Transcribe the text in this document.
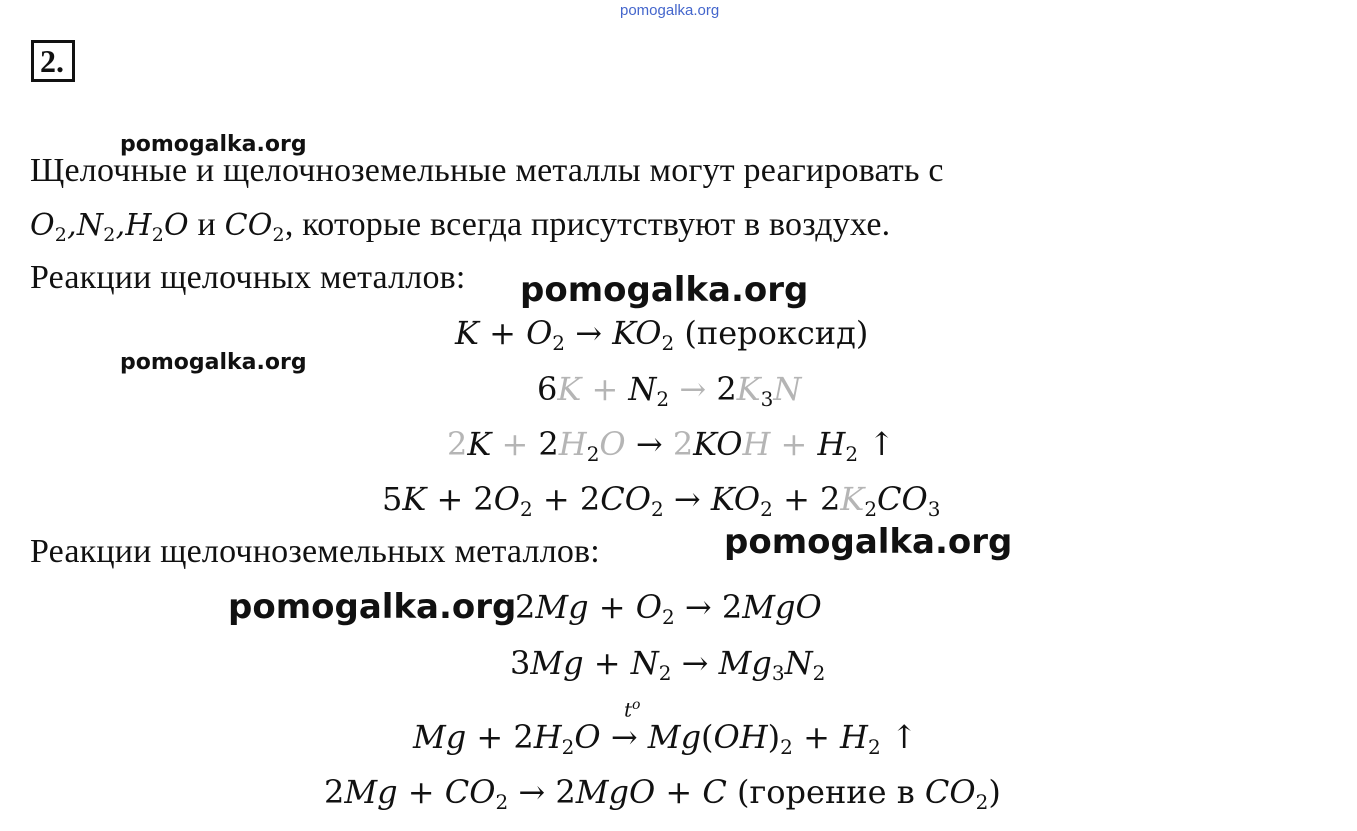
pomogalka.org
2.
pomogalka.org
Щелочные и щелочноземельные металлы могут реагировать с
$O_2,N_2,H_2O$ и $CO_2$, которые всегда присутствуют в воздухе.
Реакции щелочных металлов: pomogalka.org
pomogalka.org
$K + O_2 \to KO_2$ (пероксид)
$6K + N_2 \to 2K_3N$
$2K + 2H_2O \to 2KOH + H_2$ ↑
$5K + 2O_2 + 2CO_2 \to KO_2 + 2K_2CO_3$
Реакции щелочноземельных металлов:	pomogalka.org
pomogalka.org
$2Mg + O_2 \to 2MgO$
$3Mg + N_2 \to Mg_3N_2$
$t^o$
$Mg + 2H_2O \to Mg(OH)_2 + H_2$ ↑
$2Mg + CO_2 \to 2MgO + C$ (горение в $CO_2$)
